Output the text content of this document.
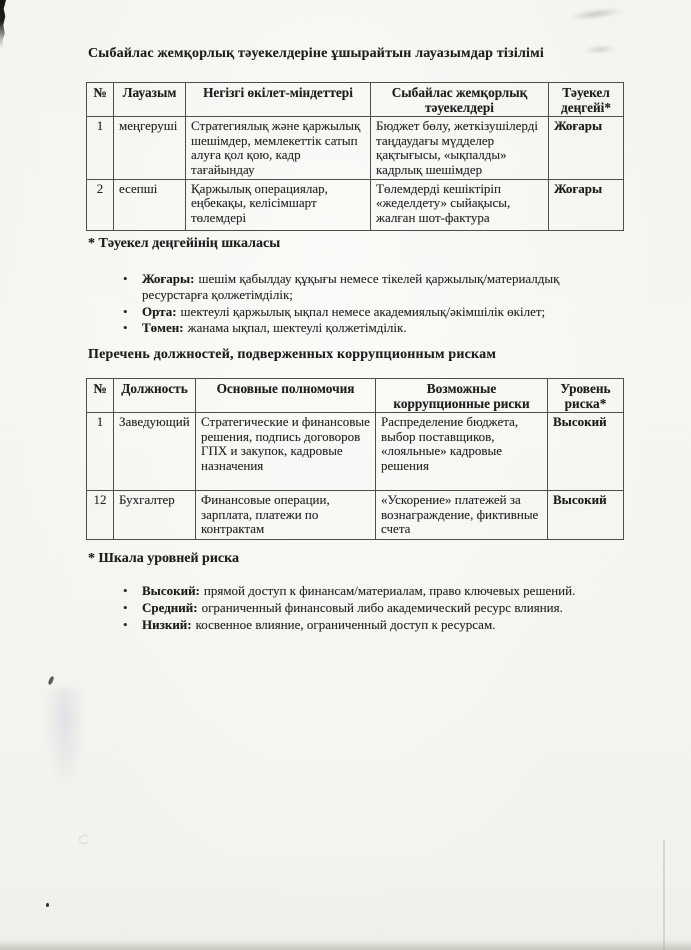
Сыбайлас жемқорлық тәуекелдеріне ұшырайтын лауазымдар тізілімі
№	Лауазым	Негізгі өкілет-міндеттері	Сыбайлас жемқорлық тәуекелдері	Тәуекел деңгейі*
1	меңгеруші	Стратегиялық және қаржылық шешімдер, мемлекеттік сатып алуға қол қою, кадр тағайындау	Бюджет бөлу, жеткізушілерді таңдаудағы мүдделер қақтығысы, «ықпалды» кадрлық шешімдер	Жоғары
2	есепші	Қаржылық операциялар, еңбекақы, келісімшарт төлемдері	Төлемдерді кешіктіріп «жеделдету» сыйақысы, жалған шот-фактура	Жоғары
* Тәуекел деңгейінің шкаласы
• Жоғары: шешім қабылдау құқығы немесе тікелей қаржылық/материалдық ресурстарға қолжетімділік;
• Орта: шектеулі қаржылық ықпал немесе академиялық/әкімшілік өкілет;
• Төмен: жанама ықпал, шектеулі қолжетімділік.
Перечень должностей, подверженных коррупционным рискам
№	Должность	Основные полномочия	Возможные коррупционные риски	Уровень риска*
1	Заведующий	Стратегические и финансовые решения, подпись договоров ГПХ и закупок, кадровые назначения	Распределение бюджета, выбор поставщиков, «лояльные» кадровые решения	Высокий
12	Бухгалтер	Финансовые операции, зарплата, платежи по контрактам	«Ускорение» платежей за вознаграждение, фиктивные счета	Высокий
* Шкала уровней риска
• Высокий: прямой доступ к финансам/материалам, право ключевых решений.
• Средний: ограниченный финансовый либо академический ресурс влияния.
• Низкий: косвенное влияние, ограниченный доступ к ресурсам.
